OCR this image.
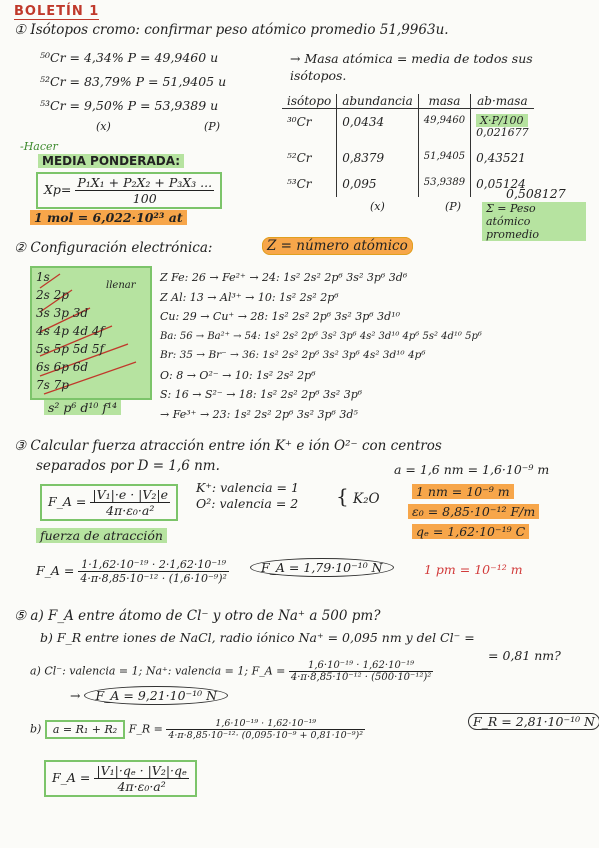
BOLETÍN 1
① Isótopos cromo: confirmar peso atómico promedio 51,9963u.
⁵⁰Cr = 4,34% P = 49,9460 u
⁵²Cr = 83,79% P = 51,9405 u
⁵³Cr = 9,50% P = 53,9389 u
(x)	(P)
→ Masa atómica = media de todos sus isótopos.
-Hacer
MEDIA PONDERADA:
$Xp= \frac{\text{P₁X₁ + P₂X₂ + P₃X₃ ...}}{100}$
1 mol = 6,022·10²³ at
isótopo	abundancia	masa	ab·masa
³⁰Cr	0,0434	49,9460	X·P/100
0,021677
⁵²Cr	0,8379	51,9405	0,43521
⁵³Cr	0,095	53,9389	0,05124
(x)	(P)
0,508127
Σ = Peso atómico promedio
② Configuración electrónica:	Z = número atómico
1s
2s 2p
3s 3p 3d
4s 4p 4d 4f
5s 5p 5d 5f
6s 6p 6d
7s 7p
llenar
s² p⁶ d¹⁰ f¹⁴
Z Fe: 26 → Fe²⁺ → 24: 1s² 2s² 2p⁶ 3s² 3p⁶ 3d⁶
Z Al: 13 → Al³⁺ → 10: 1s² 2s² 2p⁶
Cu: 29 → Cu⁺ → 28: 1s² 2s² 2p⁶ 3s² 3p⁶ 3d¹⁰
Ba: 56 → Ba²⁺ → 54: 1s² 2s² 2p⁶ 3s² 3p⁶ 4s² 3d¹⁰ 4p⁶ 5s² 4d¹⁰ 5p⁶
Br: 35 → Br⁻ → 36: 1s² 2s² 2p⁶ 3s² 3p⁶ 4s² 3d¹⁰ 4p⁶
O: 8 → O²⁻ → 10: 1s² 2s² 2p⁶
S: 16 → S²⁻ → 18: 1s² 2s² 2p⁶ 3s² 3p⁶
→ Fe³⁺ → 23: 1s² 2s² 2p⁶ 3s² 3p⁶ 3d⁵
③ Calcular fuerza atracción entre ión K⁺ e ión O²⁻ con centros
separados por D = 1,6 nm.
F_A = $\frac{\text{|V₁|·e · |V₂|e}}{\text{4π·ε₀·a²}} K^+$: valencia = 1
O²: valencia = 2 { K₂O
a = 1,6 nm = 1,6·10⁻⁹ m
1 nm = 10⁻⁹ m
ε₀ = 8,85·10⁻¹² F/m
qₑ = 1,62·10⁻¹⁹ C
fuerza de atracción
F_A = $\frac{\text{1·1,62·10⁻¹⁹ · 2·1,62·10⁻¹⁹}}{\text{4·π·8,85·10⁻¹² · (1,6·10⁻⁹)²}}$	F_A = 1,79·10⁻¹⁰ N	1 pm = 10⁻¹² m
⑤ a) F_A entre átomo de Cl⁻ y otro de Na⁺ a 500 pm?
b) F_R entre iones de NaCl, radio iónico Na⁺ = 0,095 nm y del Cl⁻ =
= 0,81 nm?
a) Cl⁻: valencia = 1; Na⁺: valencia = 1; F_A = $\frac{\text{1,6·10⁻¹⁹ · 1,62·10⁻¹⁹}}{\text{4·π·8,85·10⁻¹² · (500·10⁻¹²)²}}$
→ F_A = 9,21·10⁻¹⁰ N
b) a = R₁ + R₂ F_R = $\frac{\text{1,6·10⁻¹⁹ · 1,62·10⁻¹⁹}}{\text{4·π·8,85·10⁻¹²· (0,095·10⁻⁹ + 0,81·10⁻⁹)²}}$	F_R = 2,81·10⁻¹⁰ N
F_A = $\frac{\text{|V₁|·qₑ · |V₂|·qₑ}}{\text{4π·ε₀·a²}}$
